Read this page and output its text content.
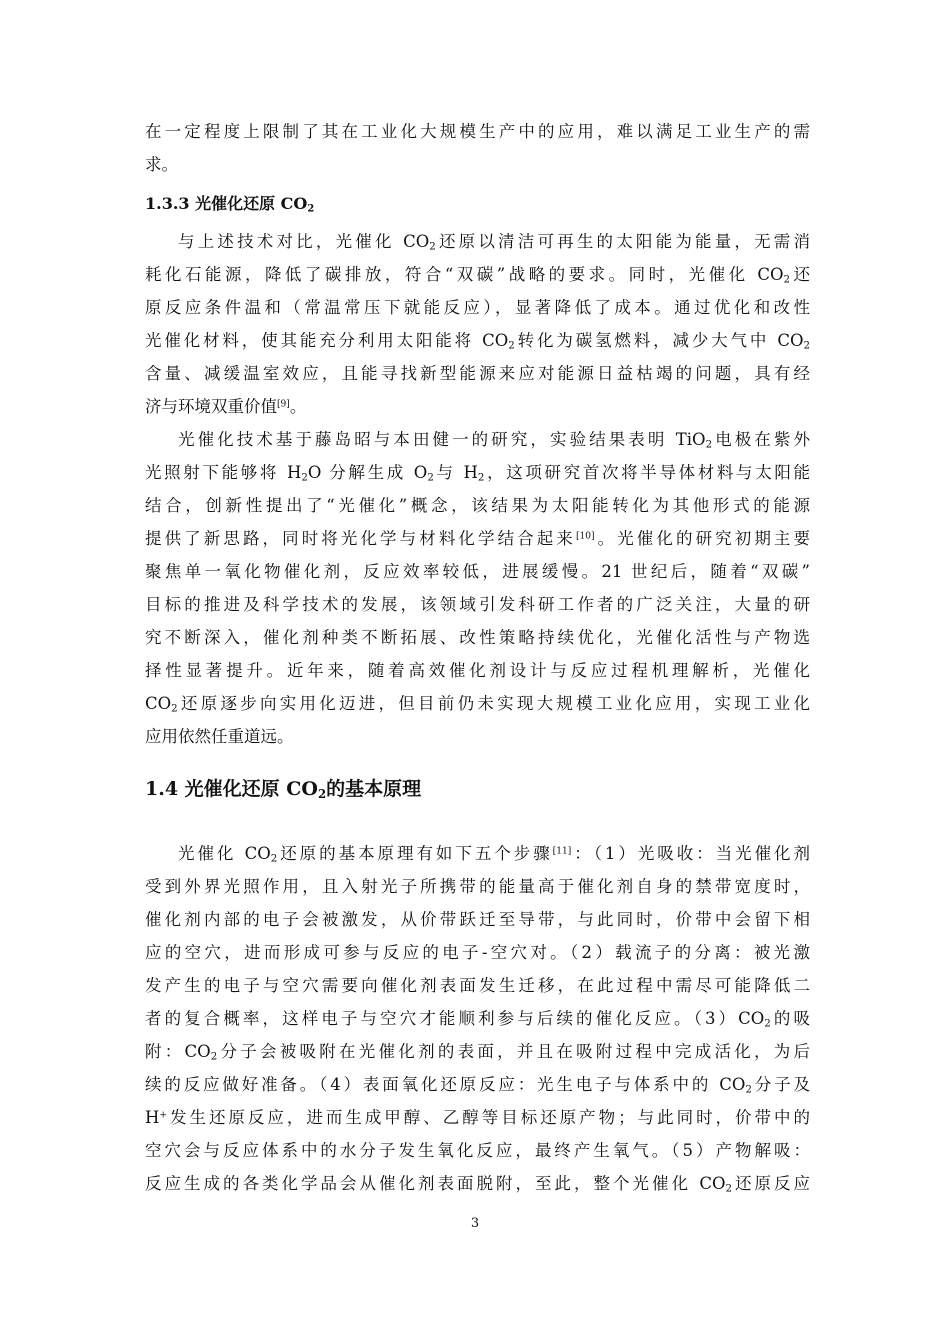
在一定程度上限制了其在工业化大规模生产中的应用，难以满足工业生产的需
求。
1.3.3 光催化还原 $CO_2$
与上述技术对比，光催化 $CO_2$还原以清洁可再生的太阳能为能量，无需消
耗化石能源，降低了碳排放，符合“双碳”战略的要求。同时，光催化 $CO_2$还
原反应条件温和（常温常压下就能反应），显著降低了成本。通过优化和改性
光催化材料，使其能充分利用太阳能将 $CO_2$转化为碳氢燃料，减少大气中 $CO_2$
含量、减缓温室效应，且能寻找新型能源来应对能源日益枯竭的问题，具有经
济与环境双重价值[9]。
光催化技术基于藤岛昭与本田健一的研究，实验结果表明 TiO$_2$电极在紫外
光照射下能够将 $H_2O$ 分解生成 $O_2$与 $H_2$，这项研究首次将半导体材料与太阳能
结合，创新性提出了“光催化”概念，该结果为太阳能转化为其他形式的能源
提供了新思路，同时将光化学与材料化学结合起来[10]。光催化的研究初期主要
聚焦单一氧化物催化剂，反应效率较低，进展缓慢。21 世纪后，随着“双碳”
目标的推进及科学技术的发展，该领域引发科研工作者的广泛关注，大量的研
究不断深入，催化剂种类不断拓展、改性策略持续优化，光催化活性与产物选
择性显著提升。近年来，随着高效催化剂设计与反应过程机理解析，光催化
$CO_2$还原逐步向实用化迈进，但目前仍未实现大规模工业化应用，实现工业化
应用依然任重道远。
1.4 光催化还原 $CO_2$的基本原理
光催化 $CO_2$还原的基本原理有如下五个步骤[11]：（1）光吸收：当光催化剂
受到外界光照作用，且入射光子所携带的能量高于催化剂自身的禁带宽度时，
催化剂内部的电子会被激发，从价带跃迁至导带，与此同时，价带中会留下相
应的空穴，进而形成可参与反应的电子-空穴对。（2）载流子的分离：被光激
发产生的电子与空穴需要向催化剂表面发生迁移，在此过程中需尽可能降低二
者的复合概率，这样电子与空穴才能顺利参与后续的催化反应。$(3)CO_2$的吸
附：$CO_2$分子会被吸附在光催化剂的表面，并且在吸附过程中完成活化，为后
续的反应做好准备。（4）表面氧化还原反应：光生电子与体系中的 $CO_2$分子及
H+发生还原反应，进而生成甲醇、乙醇等目标还原产物；与此同时，价带中的
空穴会与反应体系中的水分子发生氧化反应，最终产生氧气。（5）产物解吸：
反应生成的各类化学品会从催化剂表面脱附，至此，整个光催化 $CO_2$还原反应
3
